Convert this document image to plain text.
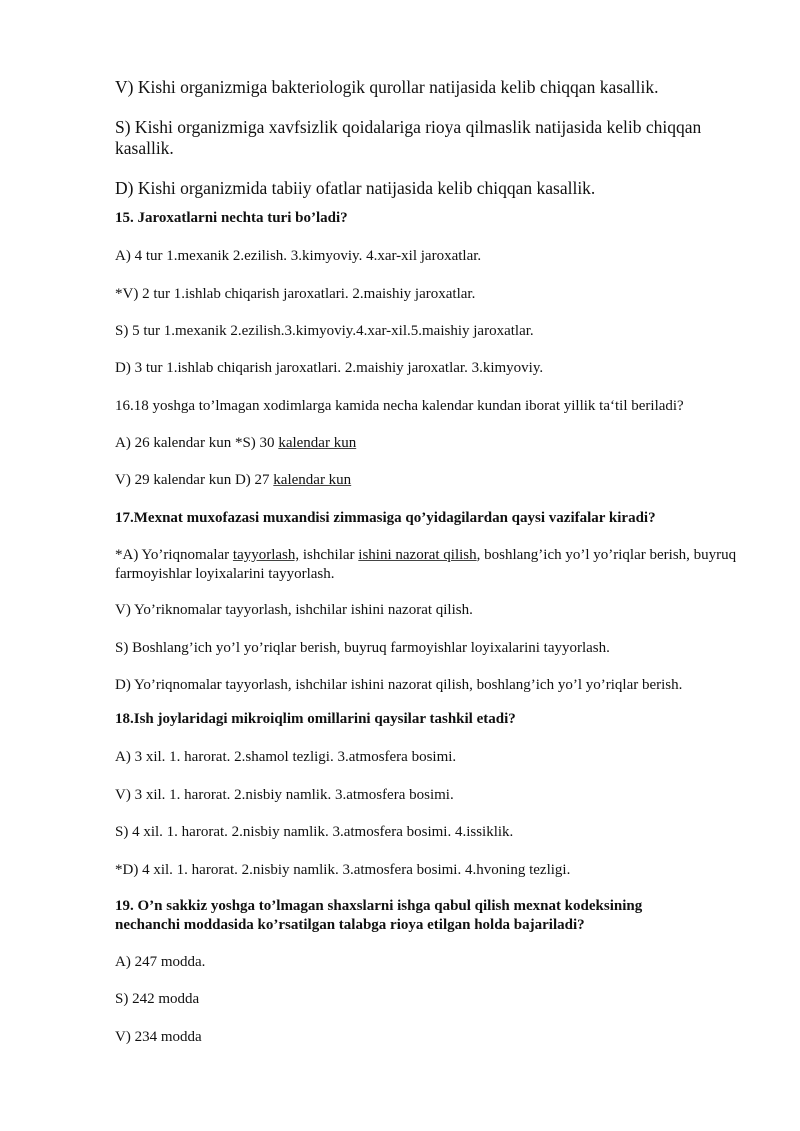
V) Kishi organizmiga bakteriologik qurollar natijasida kelib chiqqan kasallik.

S) Kishi organizmiga xavfsizlik qoidalariga rioya qilmaslik natijasida kelib chiqqan kasallik.

D) Kishi organizmida tabiiy ofatlar natijasida kelib chiqqan kasallik.

15. Jaroxatlarni nechta turi bo’ladi?

A) 4 tur 1.mexanik 2.ezilish. 3.kimyoviy. 4.xar-xil jaroxatlar.

*V) 2 tur 1.ishlab chiqarish jaroxatlari. 2.maishiy jaroxatlar.

S) 5 tur 1.mexanik 2.ezilish.3.kimyoviy.4.xar-xil.5.maishiy jaroxatlar.

D) 3 tur 1.ishlab chiqarish jaroxatlari. 2.maishiy jaroxatlar. 3.kimyoviy.

16.18 yoshga to’lmagan xodimlarga kamida necha kalendar kundan iborat yillik ta‘til beriladi?

A) 26 kalendar kun *S) 30 kalendar kun

V) 29 kalendar kun D) 27 kalendar kun

17.Mexnat muxofazasi muxandisi zimmasiga qo’yidagilardan qaysi vazifalar kiradi?

*A) Yo’riqnomalar tayyorlash, ishchilar ishini nazorat qilish, boshlang’ich yo’l yo’riqlar berish, buyruq farmoyishlar loyixalarini tayyorlash.

V) Yo’riknomalar tayyorlash, ishchilar ishini nazorat qilish.

S) Boshlang’ich yo’l yo’riqlar berish, buyruq farmoyishlar loyixalarini tayyorlash.

D) Yo’riqnomalar tayyorlash, ishchilar ishini nazorat qilish, boshlang’ich yo’l yo’riqlar berish.

18.Ish joylaridagi mikroiqlim omillarini qaysilar tashkil etadi?

A) 3 xil. 1. harorat. 2.shamol tezligi. 3.atmosfera bosimi.

V) 3 xil. 1. harorat. 2.nisbiy namlik. 3.atmosfera bosimi.

S) 4 xil. 1. harorat. 2.nisbiy namlik. 3.atmosfera bosimi. 4.issiklik.

*D) 4 xil. 1. harorat. 2.nisbiy namlik. 3.atmosfera bosimi. 4.hvoning tezligi.

19. O’n sakkiz yoshga to’lmagan shaxslarni ishga qabul qilish mexnat kodeksining

nechanchi moddasida ko’rsatilgan talabga rioya etilgan holda bajariladi?

A) 247 modda.

S) 242 modda

V) 234 modda
